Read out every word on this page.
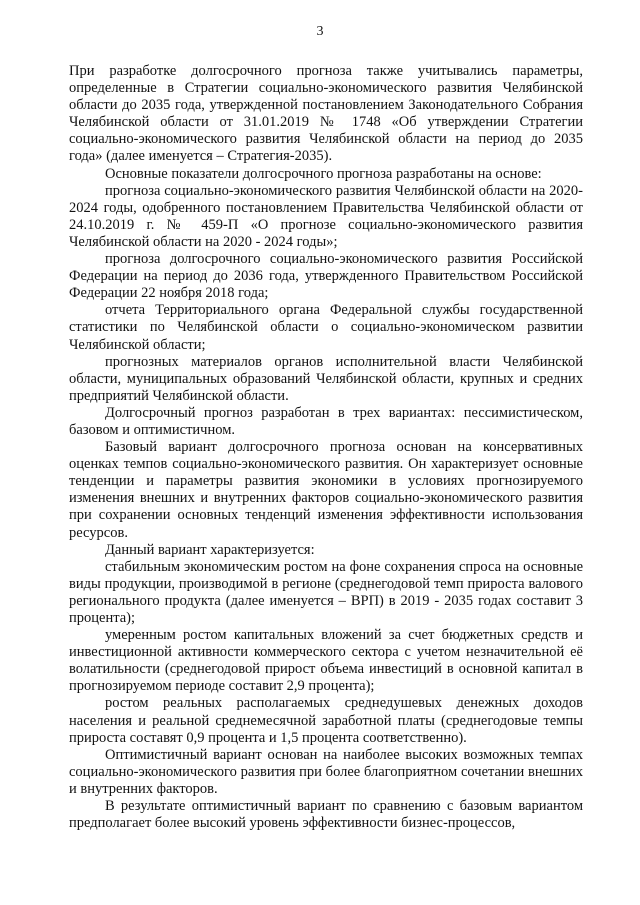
3

При разработке долгосрочного прогноза также учитывались параметры, определенные в Стратегии социально-экономического развития Челябинской области до 2035 года, утвержденной постановлением Законодательного Собрания Челябинской области от 31.01.2019 № 1748 «Об утверждении Стратегии социально-экономического развития Челябинской области на период до 2035 года» (далее именуется – Стратегия-2035).

Основные показатели долгосрочного прогноза разработаны на основе:

прогноза социально-экономического развития Челябинской области на 2020-2024 годы, одобренного постановлением Правительства Челябинской области от 24.10.2019 г. № 459-П «О прогнозе социально-экономического развития Челябинской области на 2020 - 2024 годы»;

прогноза долгосрочного социально-экономического развития Российской Федерации на период до 2036 года, утвержденного Правительством Российской Федерации 22 ноября 2018 года;

отчета Территориального органа Федеральной службы государственной статистики по Челябинской области о социально-экономическом развитии Челябинской области;

прогнозных материалов органов исполнительной власти Челябинской области, муниципальных образований Челябинской области, крупных и средних предприятий Челябинской области.

Долгосрочный прогноз разработан в трех вариантах: пессимистическом, базовом и оптимистичном.

Базовый вариант долгосрочного прогноза основан на консервативных оценках темпов социально-экономического развития. Он характеризует основные тенденции и параметры развития экономики в условиях прогнозируемого изменения внешних и внутренних факторов социально-экономического развития при сохранении основных тенденций изменения эффективности использования ресурсов.

Данный вариант характеризуется:

стабильным экономическим ростом на фоне сохранения спроса на основные виды продукции, производимой в регионе (среднегодовой темп прироста валового регионального продукта (далее именуется – ВРП) в 2019 - 2035 годах составит 3 процента);

умеренным ростом капитальных вложений за счет бюджетных средств и инвестиционной активности коммерческого сектора с учетом незначительной её волатильности (среднегодовой прирост объема инвестиций в основной капитал в прогнозируемом периоде составит 2,9 процента);

ростом реальных располагаемых среднедушевых денежных доходов населения и реальной среднемесячной заработной платы (среднегодовые темпы прироста составят 0,9 процента и 1,5 процента соответственно).

Оптимистичный вариант основан на наиболее высоких возможных темпах социально-экономического развития при более благоприятном сочетании внешних и внутренних факторов.

В результате оптимистичный вариант по сравнению с базовым вариантом предполагает более высокий уровень эффективности бизнес-процессов,
